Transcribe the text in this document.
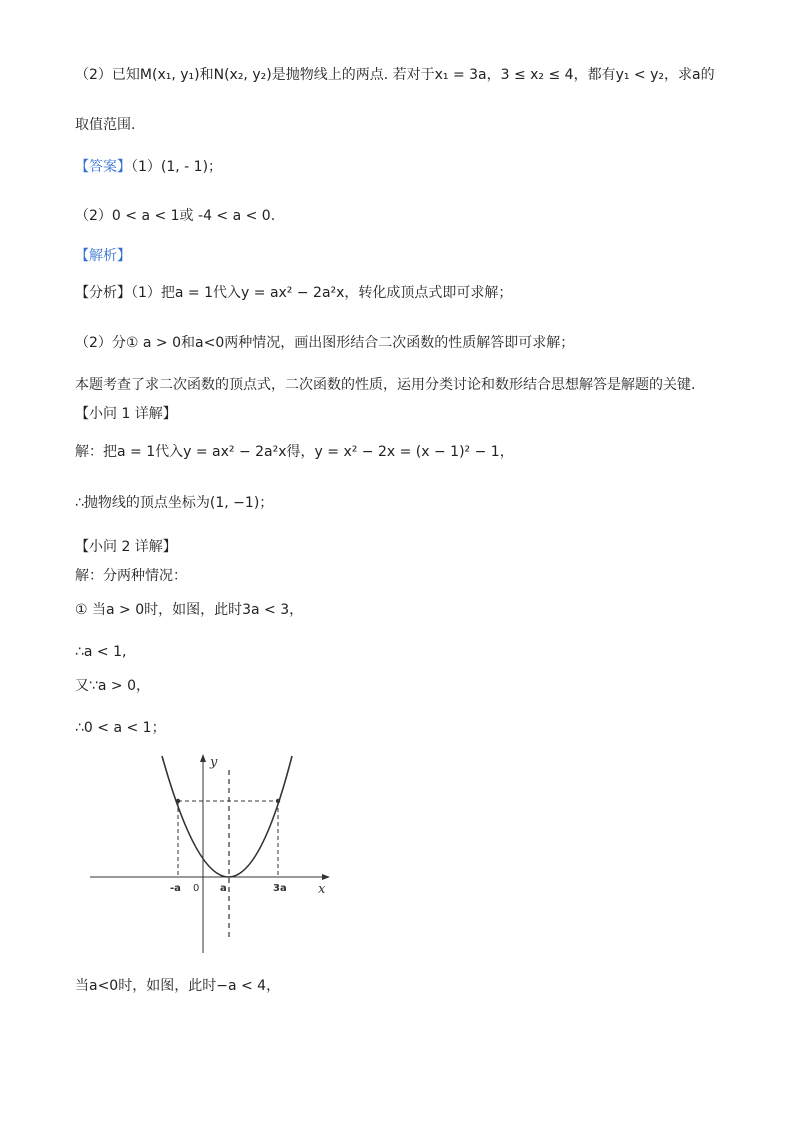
（2）已知M(x₁, y₁)和N(x₂, y₂)是抛物线上的两点. 若对于x₁ = 3a，3 ≤ x₂ ≤ 4，都有y₁ < y₂，求a的
取值范围.
【答案】（1）(1, - 1)；
（2）0 < a < 1或 -4 < a < 0.
【解析】
【分析】（1）把a = 1代入y = ax² − 2a²x，转化成顶点式即可求解；
（2）分① a > 0和a<0两种情况，画出图形结合二次函数的性质解答即可求解；
本题考查了求二次函数的顶点式，二次函数的性质，运用分类讨论和数形结合思想解答是解题的关键.
【小问 1 详解】
解：把a = 1代入y = ax² − 2a²x得，y = x² − 2x = (x − 1)² − 1，
∴抛物线的顶点坐标为(1, −1)；
【小问 2 详解】
解：分两种情况：
① 当a > 0时，如图，此时3a < 3，
∴a < 1,
又∵a > 0，
∴0 < a < 1；
y
x
-a 0 a	3a
当a<0时，如图，此时−a < 4，
